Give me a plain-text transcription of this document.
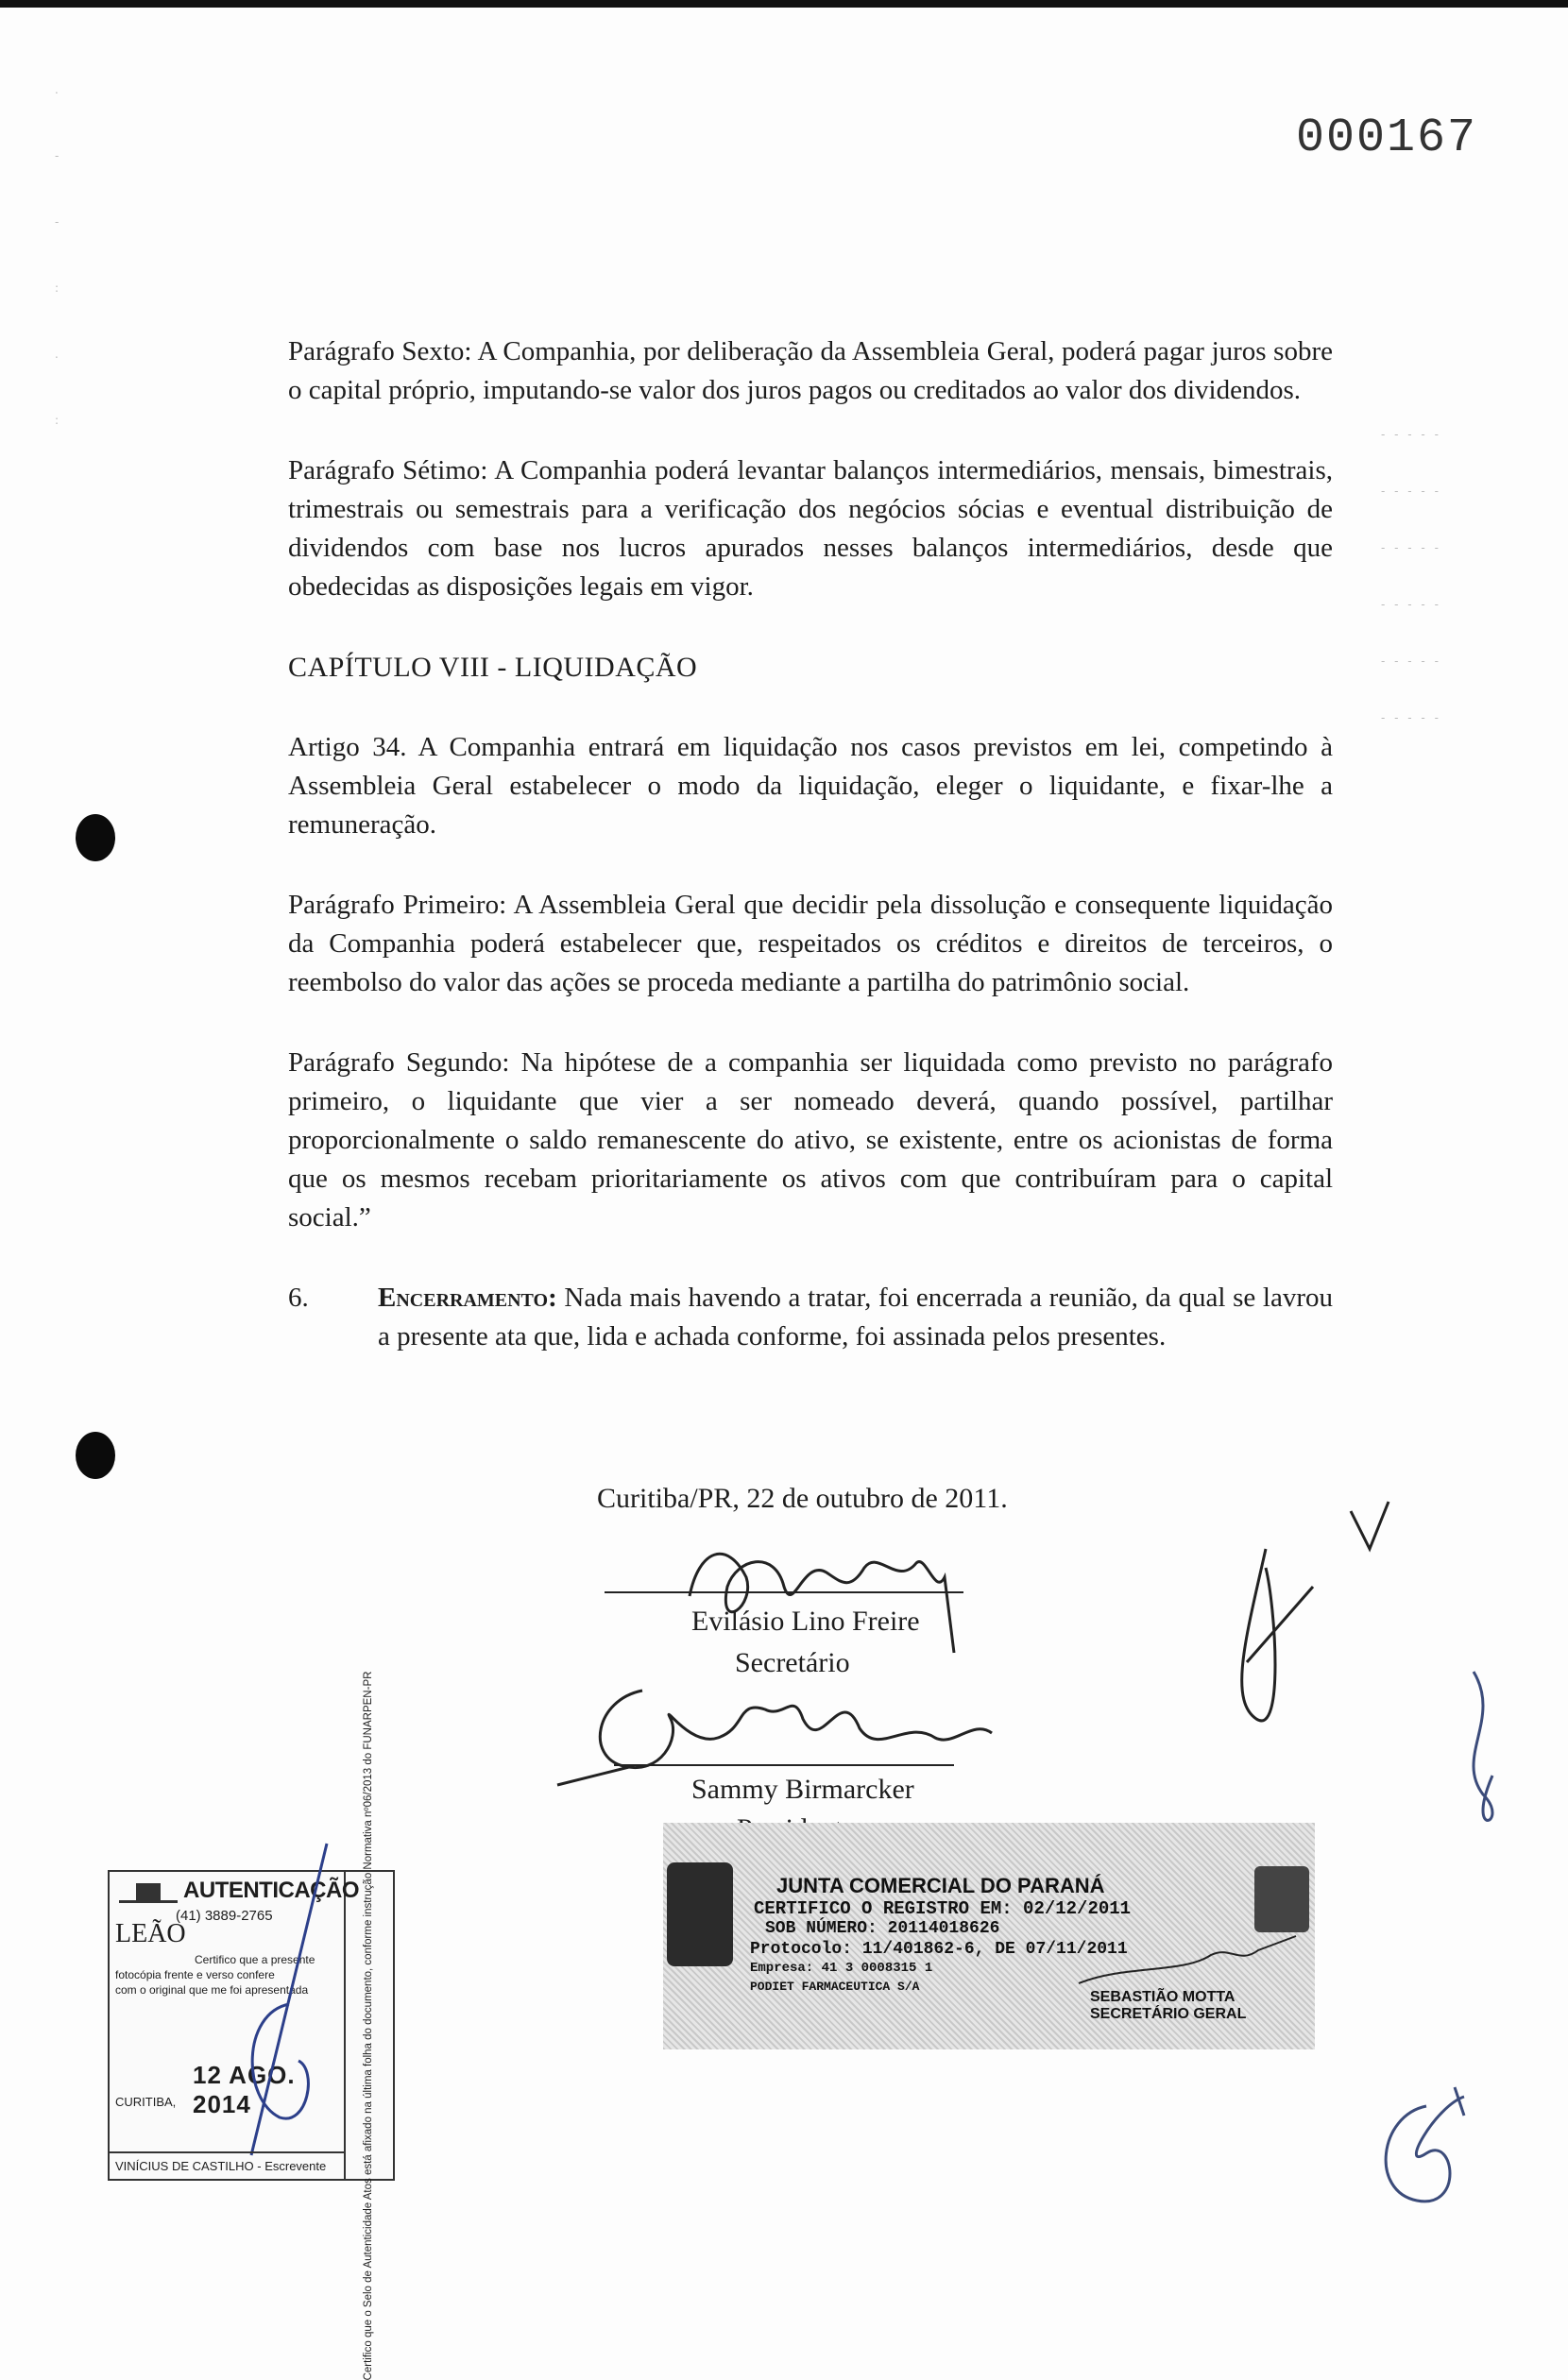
000167
.
-
-
:
.
:
- - - - -
- - - - -
- - - - -
- - - - -
- - - - -
- - - - -

Parágrafo Sexto: A Companhia, por deliberação da Assembleia Geral, poderá pagar juros sobre o capital próprio, imputando-se valor dos juros pagos ou creditados ao valor dos dividendos.

Parágrafo Sétimo: A Companhia poderá levantar balanços intermediários, mensais, bimestrais, trimestrais ou semestrais para a verificação dos negócios sócias e eventual distribuição de dividendos com base nos lucros apurados nesses balanços intermediários, desde que obedecidas as disposições legais em vigor.

CAPÍTULO VIII - LIQUIDAÇÃO

Artigo 34. A Companhia entrará em liquidação nos casos previstos em lei, competindo à Assembleia Geral estabelecer o modo da liquidação, eleger o liquidante, e fixar-lhe a remuneração.

Parágrafo Primeiro: A Assembleia Geral que decidir pela dissolução e consequente liquidação da Companhia poderá estabelecer que, respeitados os créditos e direitos de terceiros, o reembolso do valor das ações se proceda mediante a partilha do patrimônio social.

Parágrafo Segundo: Na hipótese de a companhia ser liquidada como previsto no parágrafo primeiro, o liquidante que vier a ser nomeado deverá, quando possível, partilhar proporcionalmente o saldo remanescente do ativo, se existente, entre os acionistas de forma que os mesmos recebam prioritariamente os ativos com que contribuíram para o capital social.”

6.	Encerramento: Nada mais havendo a tratar, foi encerrada a reunião, da qual se lavrou a presente ata que, lida e achada conforme, foi assinada pelos presentes.
Curitiba/PR, 22 de outubro de 2011.
Evilásio Lino Freire
Secretário
Sammy Birmarcker
AUTENTICAÇÃO
(41) 3889-2765
LEÃO
Certifico que a presente
fotocópia frente e verso confere
com o original que me foi apresentada
12 AGO. 2014
CURITIBA,
VINÍCIUS DE CASTILHO - Escrevente	Certifico que o Selo de Autenticidade Atos está afixado na última folha do documento, conforme instrução Normativa nº06/2013 do FUNARPEN-PR	JUNTA COMERCIAL DO PARANÁ
CERTIFICO O REGISTRO EM: 02/12/2011
SOB NÚMERO: 20114018626
Protocolo: 11/401862-6, DE 07/11/2011
Empresa: 41 3 0008315 1
PODIET FARMACEUTICA S/A
SEBASTIÃO MOTTA
SECRETÁRIO GERAL
